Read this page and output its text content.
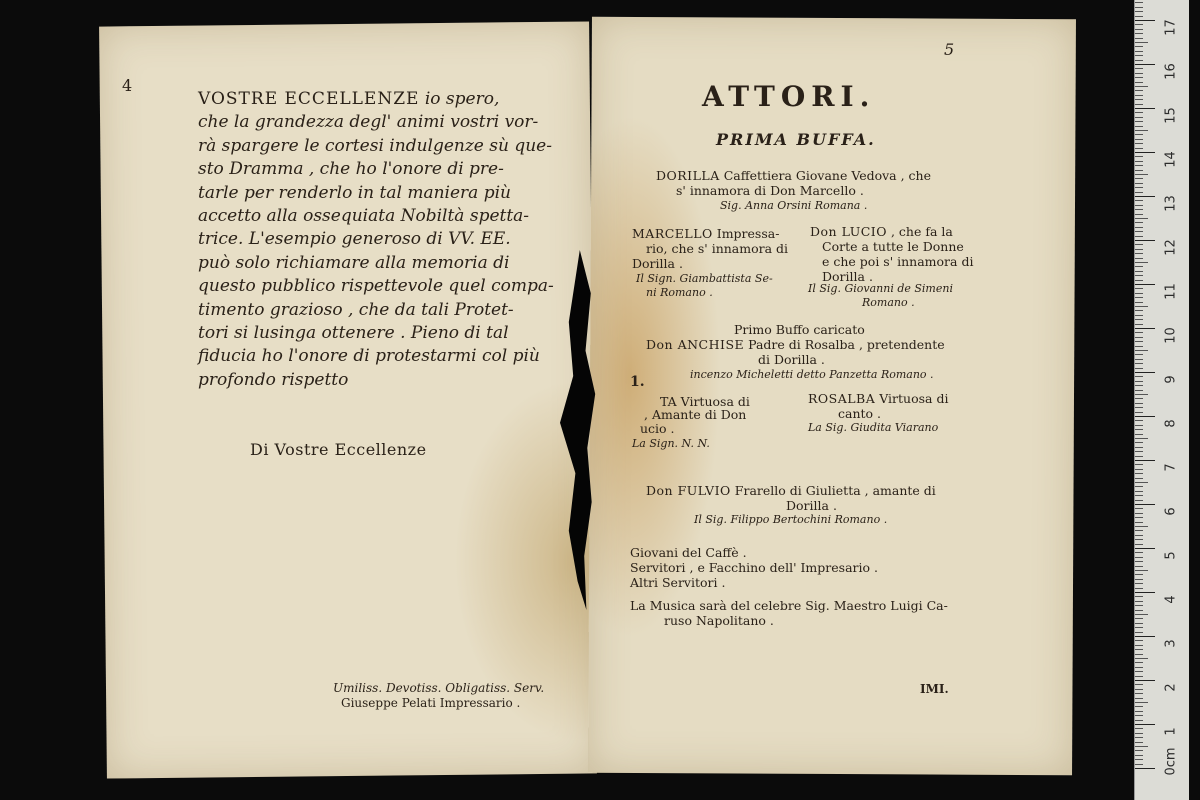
4
VOSTRE ECCELLENZE io spero,
che la grandezza degl' animi vostri vor-
rà spargere le cortesi indulgenze sù que-
sto Dramma , che ho l'onore di pre-
tarle per renderlo in tal maniera più
accetto alla ossequiata Nobiltà spetta-
trice. L'esempio generoso di VV. EE.
può solo richiamare alla memoria di
questo pubblico rispettevole quel compa-
timento grazioso , che da tali Protet-
tori si lusinga ottenere . Pieno di tal
fiducia ho l'onore di protestarmi col più
profondo rispetto
Di Vostre Eccellenze
Umiliss. Devotiss. Obligatiss. Serv.
Giuseppe Pelati Impressario .
5
ATTORI.
PRIMA BUFFA.
DORILLA Caffettiera Giovane Vedova , che
s' innamora di Don Marcello .
Sig. Anna Orsini Romana .
MARCELLO Impressa-
rio, che s' innamora di
Dorilla .
Il Sign. Giambattista Se-
ni Romano .
Don LUCIO , che fa la
Corte a tutte le Donne
e che poi s' innamora di
Dorilla .
Il Sig. Giovanni de Simeni
Romano .
Primo Buffo caricato
Don ANCHISE Padre di Rosalba , pretendente
di Dorilla .
incenzo Micheletti detto Panzetta Romano .
1.
TA Virtuosa di
, Amante di Don
ucio .
La Sign. N. N.
ROSALBA Virtuosa di
canto .
La Sig. Giudita Viarano
Don FULVIO Frarello di Giulietta , amante di
Dorilla .
Il Sig. Filippo Bertochini Romano .
Giovani del Caffè .
Servitori , e Facchino dell' Impresario .
Altri Servitori .
La Musica sarà del celebre Sig. Maestro Luigi Ca-
ruso Napolitano .
IMI.
0cm
1
2
3
4
5
6
7
8
9
10
11
12
13
14
15
16
17
